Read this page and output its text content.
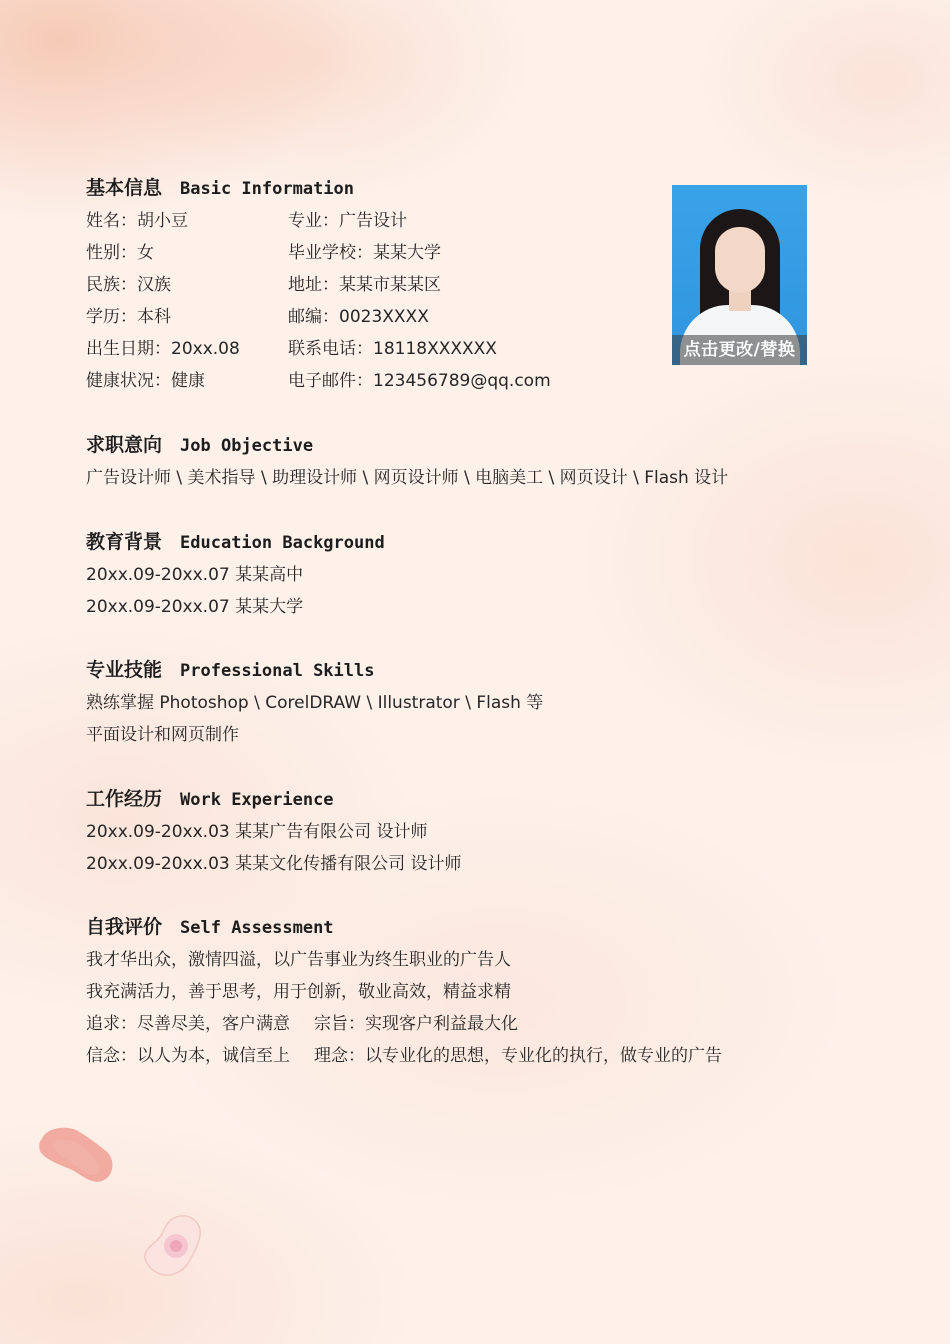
基本信息 Basic Information
姓名：胡小豆	专业：广告设计
性别：女	毕业学校：某某大学
民族：汉族	地址：某某市某某区
学历：本科	邮编：0023XXXX
出生日期：20xx.08	联系电话：18118XXXXXX
健康状况：健康	电子邮件：123456789@qq.com
点击更改/替换
求职意向 Job Objective
广告设计师 \ 美术指导 \ 助理设计师 \ 网页设计师 \ 电脑美工 \ 网页设计 \ Flash 设计
教育背景 Education Background
20xx.09-20xx.07 某某高中
20xx.09-20xx.07 某某大学
专业技能 Professional Skills
熟练掌握 Photoshop \ CorelDRAW \ Illustrator \ Flash 等
平面设计和网页制作
工作经历 Work Experience
20xx.09-20xx.03 某某广告有限公司 设计师
20xx.09-20xx.03 某某文化传播有限公司 设计师
自我评价 Self Assessment
我才华出众，激情四溢，以广告事业为终生职业的广告人
我充满活力，善于思考，用于创新，敬业高效，精益求精
追求：尽善尽美，客户满意 宗旨：实现客户利益最大化
信念：以人为本，诚信至上 理念：以专业化的思想，专业化的执行，做专业的广告
